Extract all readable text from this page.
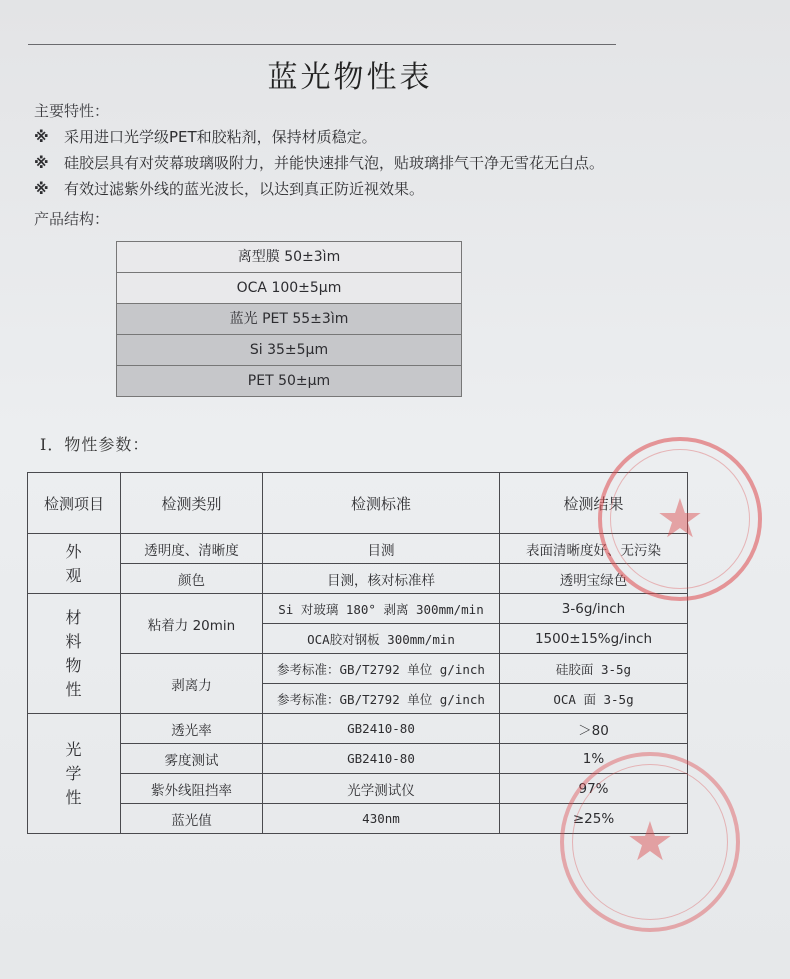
蓝光物性表
主要特性：
※ 采用进口光学级PET和胶粘剂，保持材质稳定。
※ 硅胶层具有对荧幕玻璃吸附力，并能快速排气泡，贴玻璃排气干净无雪花无白点。
※ 有效过滤紫外线的蓝光波长，以达到真正防近视效果。
产品结构：
离型膜 50±3ìm
OCA 100±5μm
蓝光 PET 55±3ìm
Si 35±5μm
PET 50±μm
I．物性参数：
检测项目	检测类别	检测标准	检测结果
外
观	透明度、清晰度	目测	表面清晰度好、无污染
	颜色	目测，核对标准样	透明宝绿色
材
料
物
性	粘着力 20min	Si 对玻璃 180° 剥离 300mm/min	3-6g/inch
		OCA胶对钢板 300mm/min	1500±15%g/inch
	剥离力	参考标准：GB/T2792 单位 g/inch	硅胶面 3-5g
		参考标准：GB/T2792 单位 g/inch	OCA 面 3-5g
光
学
性	透光率	GB2410-80	＞80
	雾度测试	GB2410-80	1%
	紫外线阻挡率	光学测试仪	97%
	蓝光值	430nm	≥25%
★
★
